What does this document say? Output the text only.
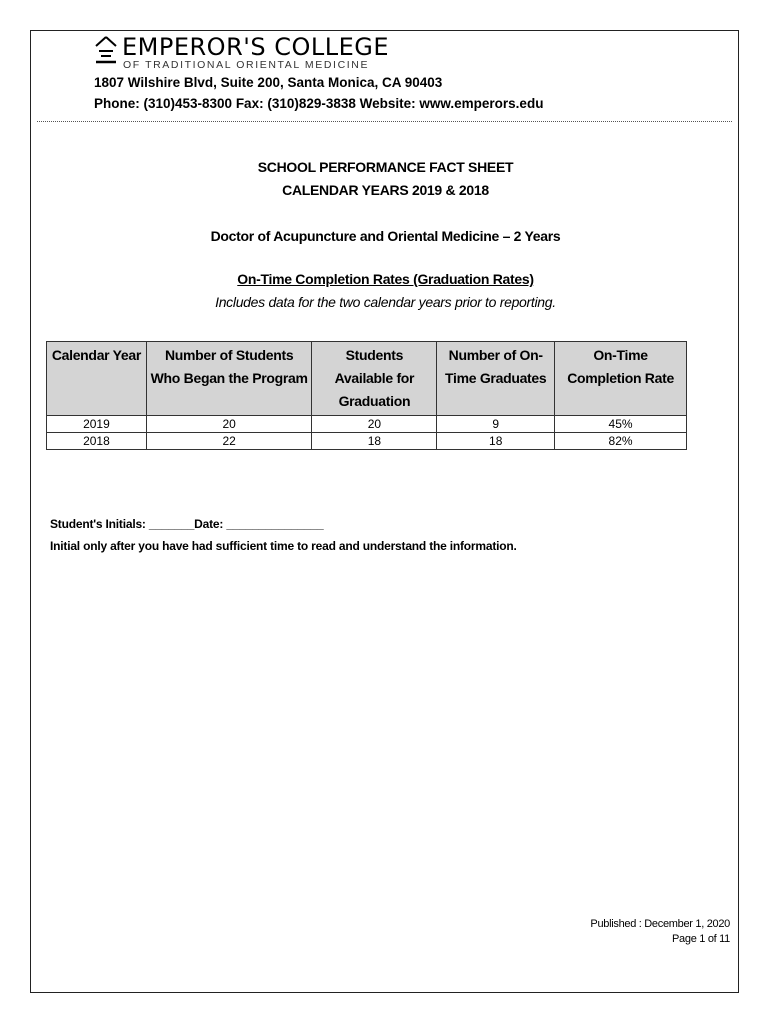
EMPEROR'S COLLEGE
OF TRADITIONAL ORIENTAL MEDICINE
1807 Wilshire Blvd, Suite 200, Santa Monica, CA 90403
Phone: (310)453-8300 Fax: (310)829-3838 Website: www.emperors.edu
SCHOOL PERFORMANCE FACT SHEET
CALENDAR YEARS 2019 & 2018
Doctor of Acupuncture and Oriental Medicine – 2 Years
On-Time Completion Rates (Graduation Rates)
Includes data for the two calendar years prior to reporting.
Calendar Year	Number of Students Who Began the Program	Students Available for Graduation	Number of On-Time Graduates	On-Time Completion Rate
2019	20	20	9	45%
2018	22	18	18	82%
Student's Initials: _______Date: _______________
Initial only after you have had sufficient time to read and understand the information.
Published : December 1, 2020
Page 1 of 11
